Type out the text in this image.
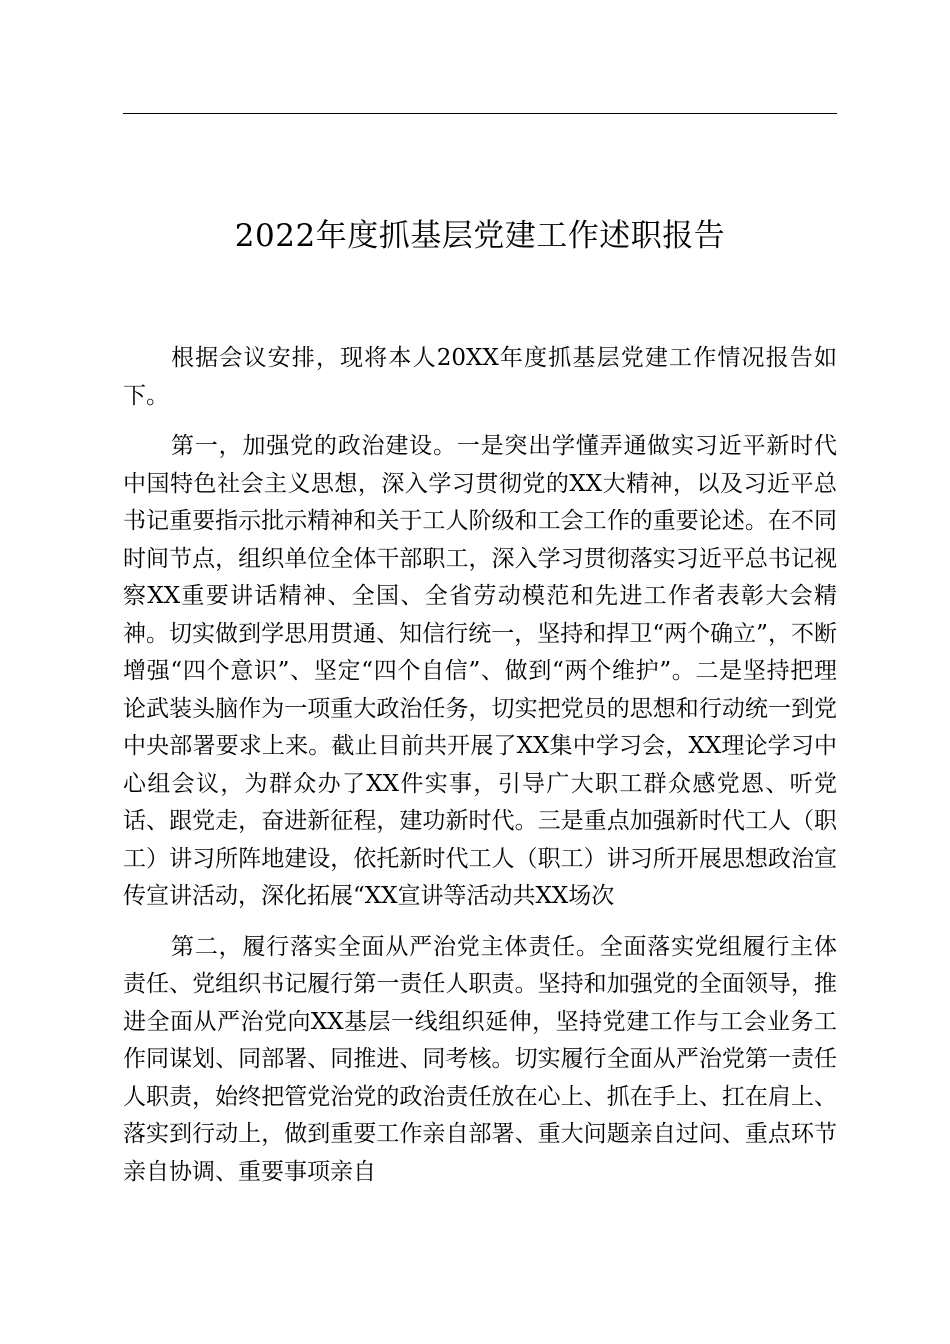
2022年度抓基层党建工作述职报告

根据会议安排，现将本人20XX年度抓基层党建工作情况报告如下。

第一，加强党的政治建设。一是突出学懂弄通做实习近平新时代中国特色社会主义思想，深入学习贯彻党的XX大精神，以及习近平总书记重要指示批示精神和关于工人阶级和工会工作的重要论述。在不同时间节点，组织单位全体干部职工，深入学习贯彻落实习近平总书记视察XX重要讲话精神、全国、全省劳动模范和先进工作者表彰大会精神。切实做到学思用贯通、知信行统一，坚持和捍卫“两个确立”，不断增强“四个意识”、坚定“四个自信”、做到“两个维护”。二是坚持把理论武装头脑作为一项重大政治任务，切实把党员的思想和行动统一到党中央部署要求上来。截止目前共开展了XX集中学习会，XX理论学习中心组会议，为群众办了XX件实事，引导广大职工群众感党恩、听党话、跟党走，奋进新征程，建功新时代。三是重点加强新时代工人（职工）讲习所阵地建设，依托新时代工人（职工）讲习所开展思想政治宣传宣讲活动，深化拓展“XX宣讲等活动共XX场次

第二，履行落实全面从严治党主体责任。全面落实党组履行主体责任、党组织书记履行第一责任人职责。坚持和加强党的全面领导，推进全面从严治党向XX基层一线组织延伸，坚持党建工作与工会业务工作同谋划、同部署、同推进、同考核。切实履行全面从严治党第一责任人职责，始终把管党治党的政治责任放在心上、抓在手上、扛在肩上、落实到行动上，做到重要工作亲自部署、重大问题亲自过问、重点环节亲自协调、重要事项亲自
